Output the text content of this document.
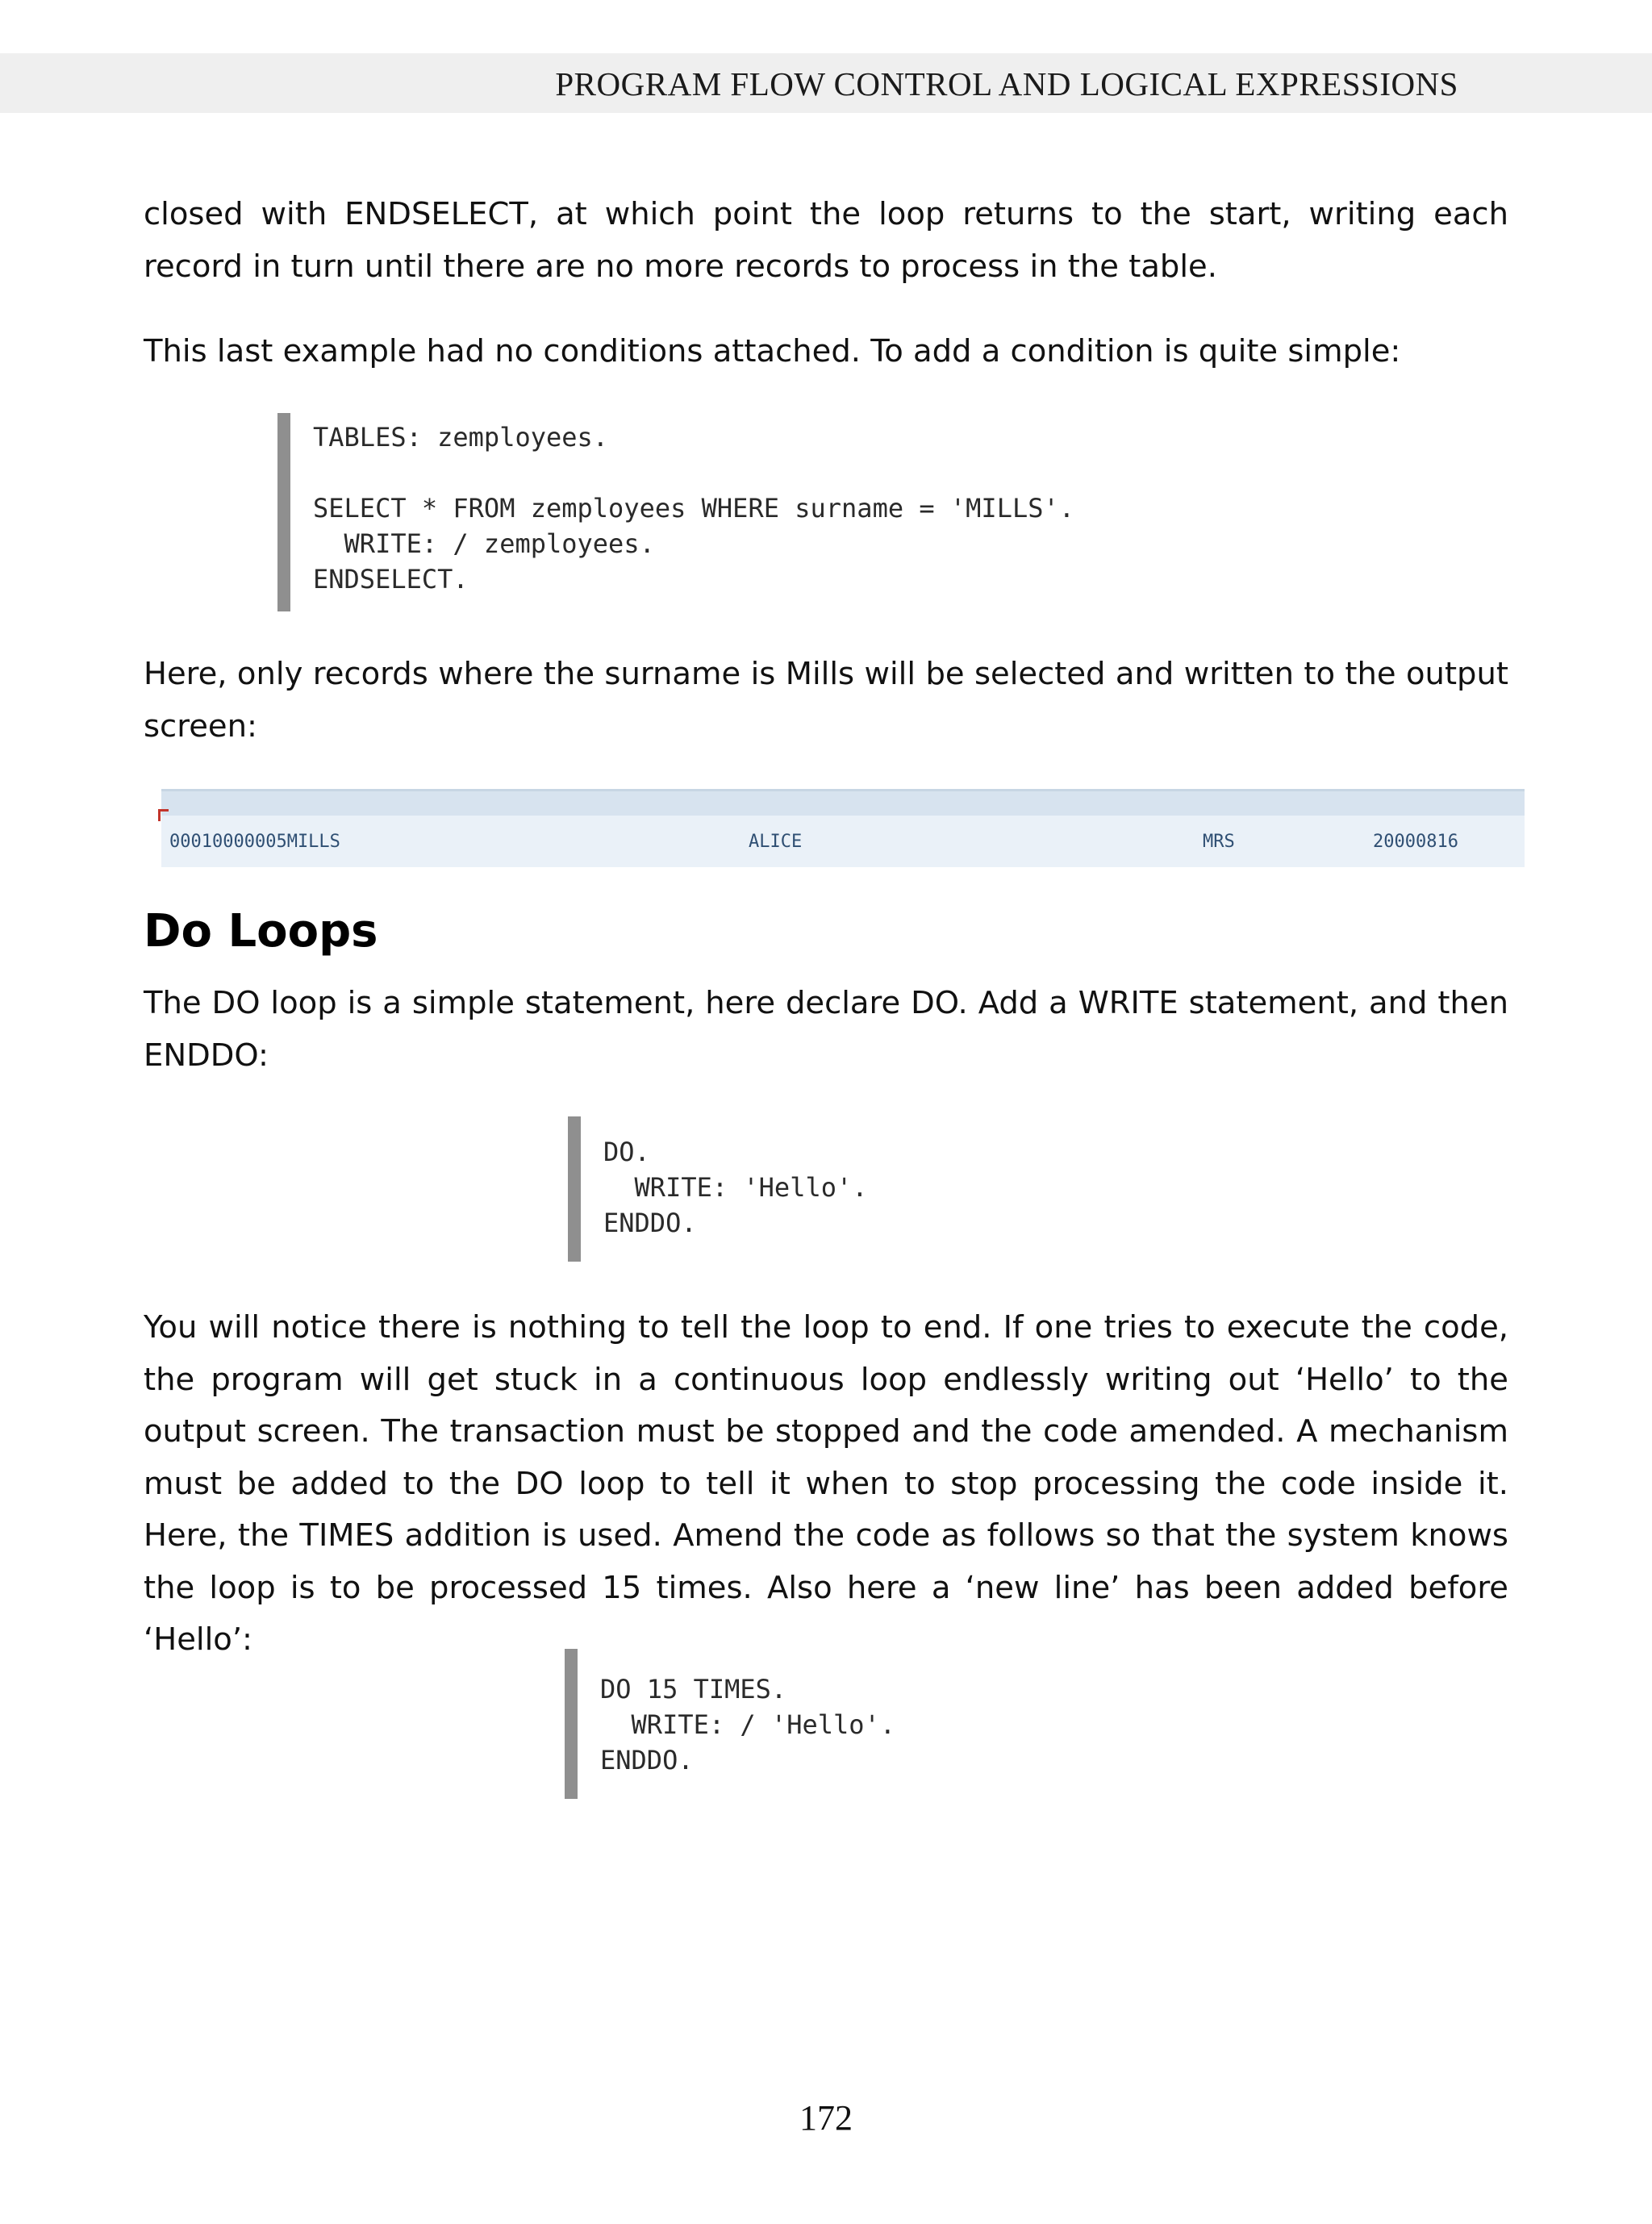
PROGRAM FLOW CONTROL AND LOGICAL EXPRESSIONS

closed with ENDSELECT, at which point the loop returns to the start, writing each record in turn until there are no more records to process in the table.

This last example had no conditions attached. To add a condition is quite simple:

TABLES: zemployees.
SELECT * FROM zemployees WHERE surname = 'MILLS'.
WRITE: / zemployees.
ENDSELECT.

Here, only records where the surname is Mills will be selected and written to the output screen:

00010000005MILLS	ALICE	MRS	20000816
Do Loops

The DO loop is a simple statement, here declare DO. Add a WRITE statement, and then ENDDO:

DO.
WRITE: 'Hello'.
ENDDO.

You will notice there is nothing to tell the loop to end. If one tries to execute the code, the program will get stuck in a continuous loop endlessly writing out ‘Hello’ to the output screen. The transaction must be stopped and the code amended. A mechanism must be added to the DO loop to tell it when to stop processing the code inside it. Here, the TIMES addition is used. Amend the code as follows so that the system knows the loop is to be processed 15 times. Also here a ‘new line’ has been added before ‘Hello’:

DO 15 TIMES.
WRITE: / 'Hello'.
ENDDO.
172
